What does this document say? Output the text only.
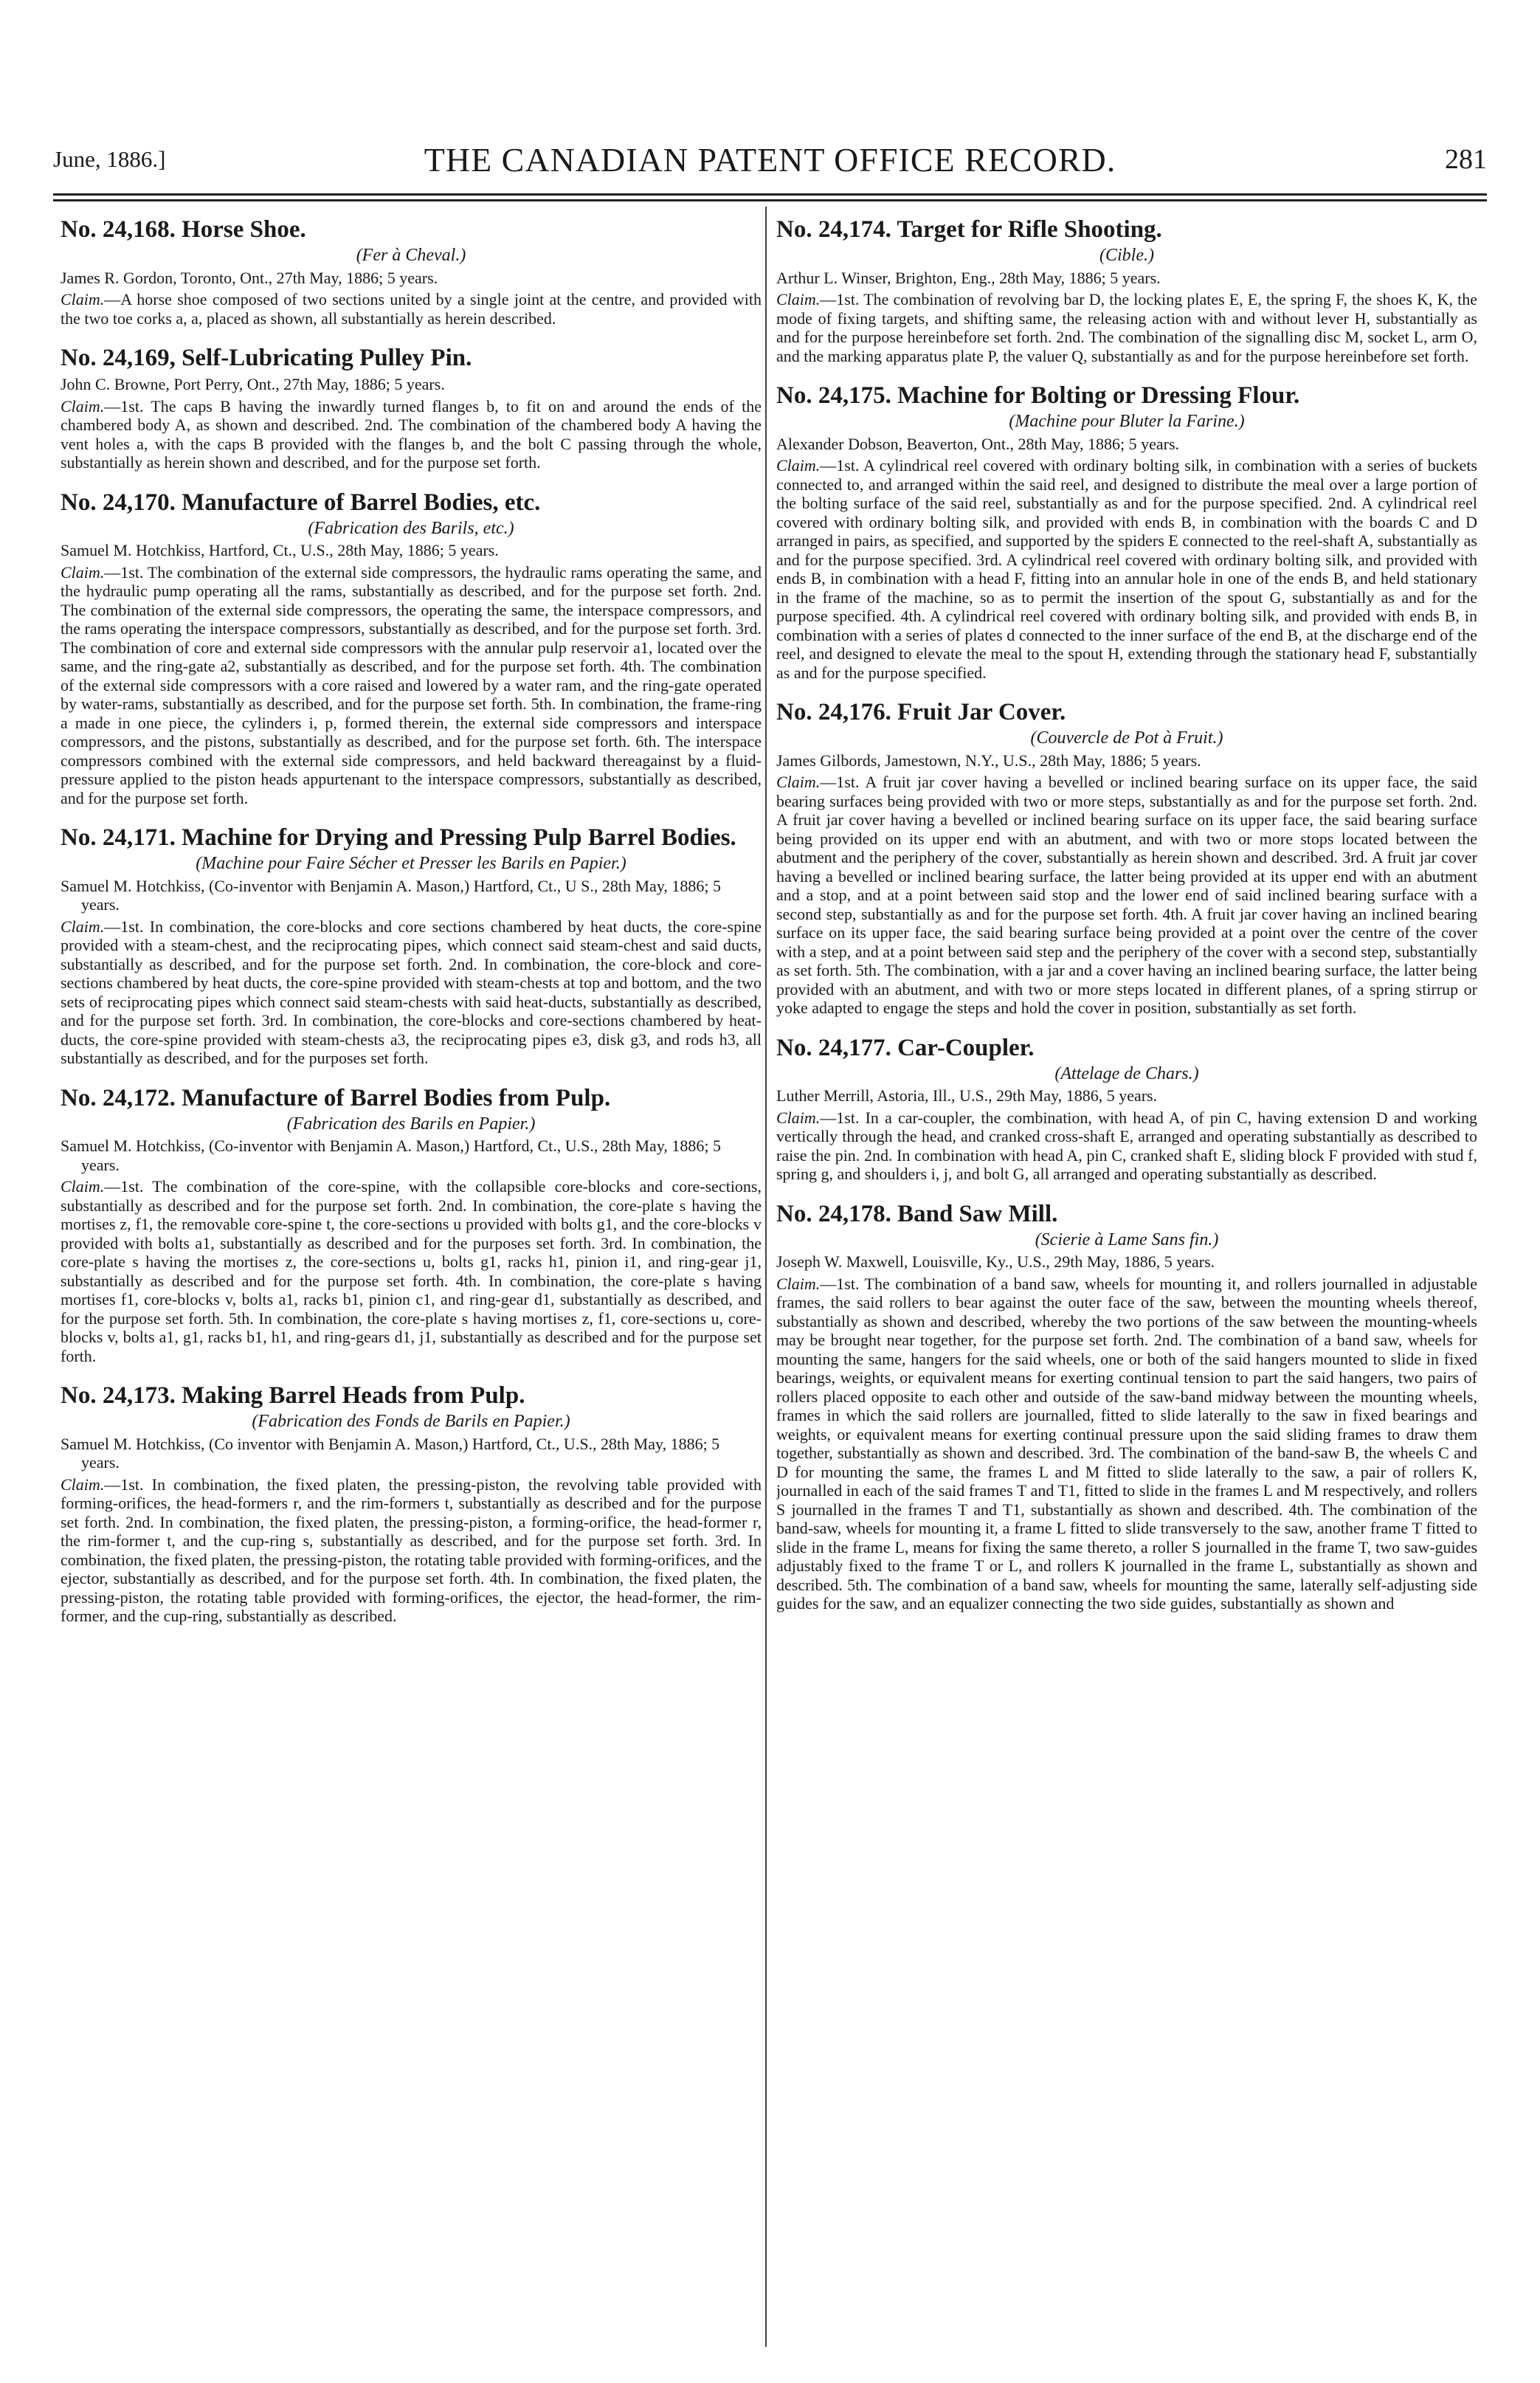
June, 1886.]	THE CANADIAN PATENT OFFICE RECORD.	281
No. 24,168. Horse Shoe.
(Fer à Cheval.)
James R. Gordon, Toronto, Ont., 27th May, 1886; 5 years.

Claim.—A horse shoe composed of two sections united by a single joint at the centre, and provided with the two toe corks a, a, placed as shown, all substantially as herein described.

No. 24,169, Self-Lubricating Pulley Pin.
John C. Browne, Port Perry, Ont., 27th May, 1886; 5 years.

Claim.—1st. The caps B having the inwardly turned flanges b, to fit on and around the ends of the chambered body A, as shown and described. 2nd. The combination of the chambered body A having the vent holes a, with the caps B provided with the flanges b, and the bolt C passing through the whole, substantially as herein shown and described, and for the purpose set forth.

No. 24,170. Manufacture of Barrel Bodies, etc.
(Fabrication des Barils, etc.)
Samuel M. Hotchkiss, Hartford, Ct., U.S., 28th May, 1886; 5 years.

Claim.—1st. The combination of the external side compressors, the hydraulic rams operating the same, and the hydraulic pump operating all the rams, substantially as described, and for the purpose set forth. 2nd. The combination of the external side compressors, the operating the same, the interspace compressors, and the rams operating the interspace compressors, substantially as described, and for the purpose set forth. 3rd. The combination of core and external side compressors with the annular pulp reservoir a1, located over the same, and the ring-gate a2, substantially as described, and for the purpose set forth. 4th. The combination of the external side compressors with a core raised and lowered by a water ram, and the ring-gate operated by water-rams, substantially as described, and for the purpose set forth. 5th. In combination, the frame-ring a made in one piece, the cylinders i, p, formed therein, the external side compressors and interspace compressors, and the pistons, substantially as described, and for the purpose set forth. 6th. The interspace compressors combined with the external side compressors, and held backward thereagainst by a fluid-pressure applied to the piston heads appurtenant to the interspace compressors, substantially as described, and for the purpose set forth.

No. 24,171. Machine for Drying and Pressing Pulp Barrel Bodies.
(Machine pour Faire Sécher et Presser les Barils en Papier.)
Samuel M. Hotchkiss, (Co-inventor with Benjamin A. Mason,) Hartford, Ct., U S., 28th May, 1886; 5 years.

Claim.—1st. In combination, the core-blocks and core sections chambered by heat ducts, the core-spine provided with a steam-chest, and the reciprocating pipes, which connect said steam-chest and said ducts, substantially as described, and for the purpose set forth. 2nd. In combination, the core-block and core-sections chambered by heat ducts, the core-spine provided with steam-chests at top and bottom, and the two sets of reciprocating pipes which connect said steam-chests with said heat-ducts, substantially as described, and for the purpose set forth. 3rd. In combination, the core-blocks and core-sections chambered by heat-ducts, the core-spine provided with steam-chests a3, the reciprocating pipes e3, disk g3, and rods h3, all substantially as described, and for the purposes set forth.

No. 24,172. Manufacture of Barrel Bodies from Pulp.
(Fabrication des Barils en Papier.)
Samuel M. Hotchkiss, (Co-inventor with Benjamin A. Mason,) Hartford, Ct., U.S., 28th May, 1886; 5 years.

Claim.—1st. The combination of the core-spine, with the collapsible core-blocks and core-sections, substantially as described and for the purpose set forth. 2nd. In combination, the core-plate s having the mortises z, f1, the removable core-spine t, the core-sections u provided with bolts g1, and the core-blocks v provided with bolts a1, substantially as described and for the purposes set forth. 3rd. In combination, the core-plate s having the mortises z, the core-sections u, bolts g1, racks h1, pinion i1, and ring-gear j1, substantially as described and for the purpose set forth. 4th. In combination, the core-plate s having mortises f1, core-blocks v, bolts a1, racks b1, pinion c1, and ring-gear d1, substantially as described, and for the purpose set forth. 5th. In combination, the core-plate s having mortises z, f1, core-sections u, core-blocks v, bolts a1, g1, racks b1, h1, and ring-gears d1, j1, substantially as described and for the purpose set forth.

No. 24,173. Making Barrel Heads from Pulp.
(Fabrication des Fonds de Barils en Papier.)
Samuel M. Hotchkiss, (Co inventor with Benjamin A. Mason,) Hartford, Ct., U.S., 28th May, 1886; 5 years.

Claim.—1st. In combination, the fixed platen, the pressing-piston, the revolving table provided with forming-orifices, the head-formers r, and the rim-formers t, substantially as described and for the purpose set forth. 2nd. In combination, the fixed platen, the pressing-piston, a forming-orifice, the head-former r, the rim-former t, and the cup-ring s, substantially as described, and for the purpose set forth. 3rd. In combination, the fixed platen, the pressing-piston, the rotating table provided with forming-orifices, and the ejector, substantially as described, and for the purpose set forth. 4th. In combination, the fixed platen, the pressing-piston, the rotating table provided with forming-orifices, the ejector, the head-former, the rim-former, and the cup-ring, substantially as described.

No. 24,174. Target for Rifle Shooting.
(Cible.)
Arthur L. Winser, Brighton, Eng., 28th May, 1886; 5 years.

Claim.—1st. The combination of revolving bar D, the locking plates E, E, the spring F, the shoes K, K, the mode of fixing targets, and shifting same, the releasing action with and without lever H, substantially as and for the purpose hereinbefore set forth. 2nd. The combination of the signalling disc M, socket L, arm O, and the marking apparatus plate P, the valuer Q, substantially as and for the purpose hereinbefore set forth.

No. 24,175. Machine for Bolting or Dressing Flour.
(Machine pour Bluter la Farine.)
Alexander Dobson, Beaverton, Ont., 28th May, 1886; 5 years.

Claim.—1st. A cylindrical reel covered with ordinary bolting silk, in combination with a series of buckets connected to, and arranged within the said reel, and designed to distribute the meal over a large portion of the bolting surface of the said reel, substantially as and for the purpose specified. 2nd. A cylindrical reel covered with ordinary bolting silk, and provided with ends B, in combination with the boards C and D arranged in pairs, as specified, and supported by the spiders E connected to the reel-shaft A, substantially as and for the purpose specified. 3rd. A cylindrical reel covered with ordinary bolting silk, and provided with ends B, in combination with a head F, fitting into an annular hole in one of the ends B, and held stationary in the frame of the machine, so as to permit the insertion of the spout G, substantially as and for the purpose specified. 4th. A cylindrical reel covered with ordinary bolting silk, and provided with ends B, in combination with a series of plates d connected to the inner surface of the end B, at the discharge end of the reel, and designed to elevate the meal to the spout H, extending through the stationary head F, substantially as and for the purpose specified.

No. 24,176. Fruit Jar Cover.
(Couvercle de Pot à Fruit.)
James Gilbords, Jamestown, N.Y., U.S., 28th May, 1886; 5 years.

Claim.—1st. A fruit jar cover having a bevelled or inclined bearing surface on its upper face, the said bearing surfaces being provided with two or more steps, substantially as and for the purpose set forth. 2nd. A fruit jar cover having a bevelled or inclined bearing surface on its upper face, the said bearing surface being provided on its upper end with an abutment, and with two or more stops located between the abutment and the periphery of the cover, substantially as herein shown and described. 3rd. A fruit jar cover having a bevelled or inclined bearing surface, the latter being provided at its upper end with an abutment and a stop, and at a point between said stop and the lower end of said inclined bearing surface with a second step, substantially as and for the purpose set forth. 4th. A fruit jar cover having an inclined bearing surface on its upper face, the said bearing surface being provided at a point over the centre of the cover with a step, and at a point between said step and the periphery of the cover with a second step, substantially as set forth. 5th. The combination, with a jar and a cover having an inclined bearing surface, the latter being provided with an abutment, and with two or more steps located in different planes, of a spring stirrup or yoke adapted to engage the steps and hold the cover in position, substantially as set forth.

No. 24,177. Car-Coupler.
(Attelage de Chars.)
Luther Merrill, Astoria, Ill., U.S., 29th May, 1886, 5 years.

Claim.—1st. In a car-coupler, the combination, with head A, of pin C, having extension D and working vertically through the head, and cranked cross-shaft E, arranged and operating substantially as described to raise the pin. 2nd. In combination with head A, pin C, cranked shaft E, sliding block F provided with stud f, spring g, and shoulders i, j, and bolt G, all arranged and operating substantially as described.

No. 24,178. Band Saw Mill.
(Scierie à Lame Sans fin.)
Joseph W. Maxwell, Louisville, Ky., U.S., 29th May, 1886, 5 years.

Claim.—1st. The combination of a band saw, wheels for mounting it, and rollers journalled in adjustable frames, the said rollers to bear against the outer face of the saw, between the mounting wheels thereof, substantially as shown and described, whereby the two portions of the saw between the mounting-wheels may be brought near together, for the purpose set forth. 2nd. The combination of a band saw, wheels for mounting the same, hangers for the said wheels, one or both of the said hangers mounted to slide in fixed bearings, weights, or equivalent means for exerting continual tension to part the said hangers, two pairs of rollers placed opposite to each other and outside of the saw-band midway between the mounting wheels, frames in which the said rollers are journalled, fitted to slide laterally to the saw in fixed bearings and weights, or equivalent means for exerting continual pressure upon the said sliding frames to draw them together, substantially as shown and described. 3rd. The combination of the band-saw B, the wheels C and D for mounting the same, the frames L and M fitted to slide laterally to the saw, a pair of rollers K, journalled in each of the said frames T and T1, fitted to slide in the frames L and M respectively, and rollers S journalled in the frames T and T1, substantially as shown and described. 4th. The combination of the band-saw, wheels for mounting it, a frame L fitted to slide transversely to the saw, another frame T fitted to slide in the frame L, means for fixing the same thereto, a roller S journalled in the frame T, two saw-guides adjustably fixed to the frame T or L, and rollers K journalled in the frame L, substantially as shown and described. 5th. The combination of a band saw, wheels for mounting the same, laterally self-adjusting side guides for the saw, and an equalizer connecting the two side guides, substantially as shown and
